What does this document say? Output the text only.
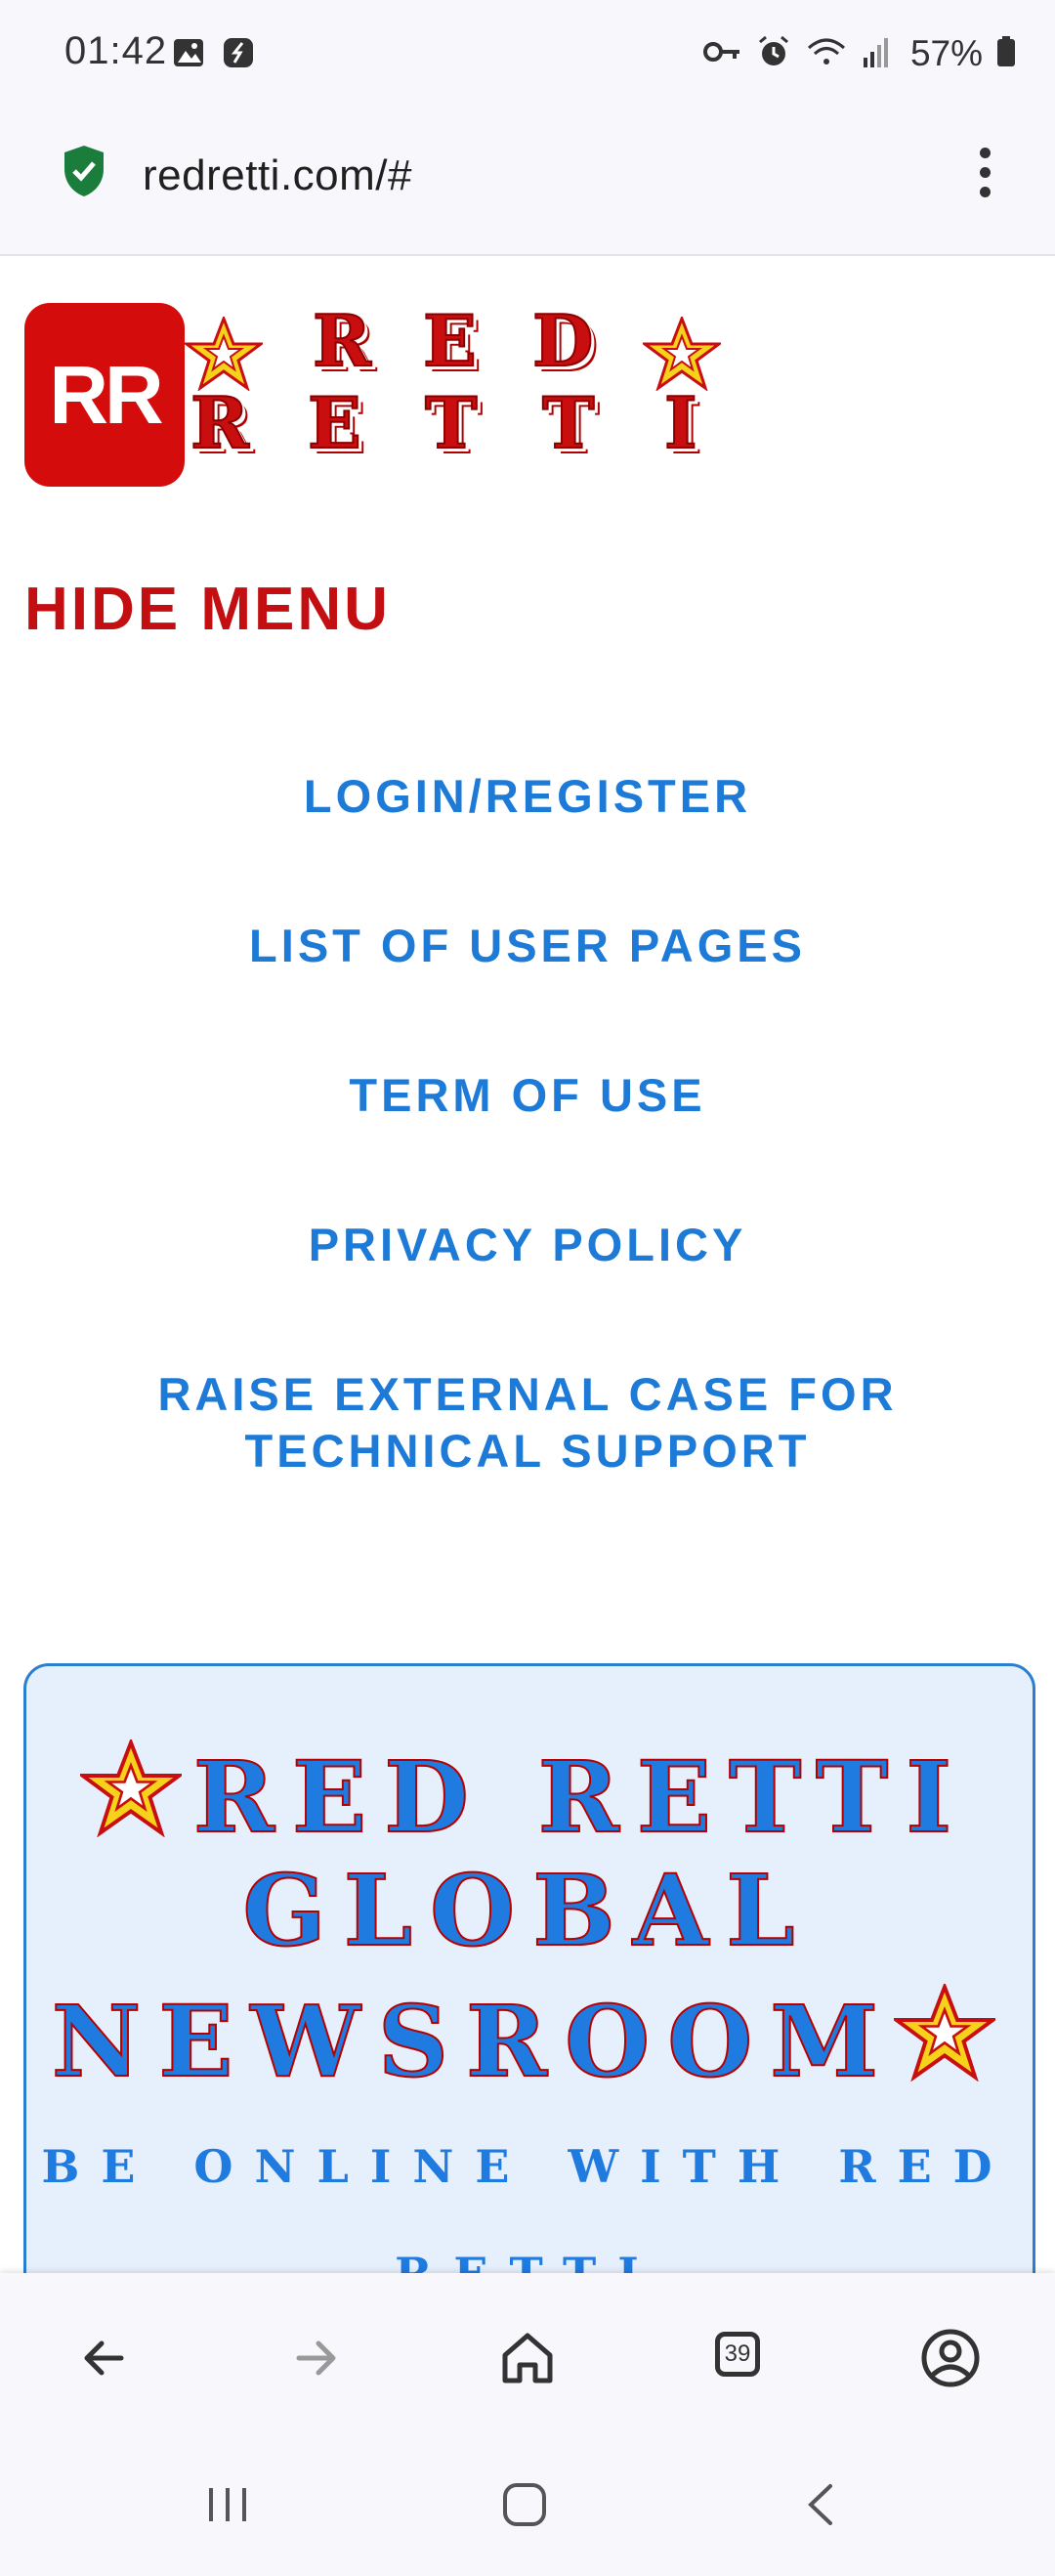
01:42	57%
redretti.com/#
RR
R E D
R E T T I
HIDE MENU
LOGIN/REGISTER
LIST OF USER PAGES
TERM OF USE
PRIVACY POLICY
RAISE EXTERNAL CASE FOR
TECHNICAL SUPPORT
RED RETTI
GLOBAL
NEWSROOM
BE ONLINE WITH RED
39
